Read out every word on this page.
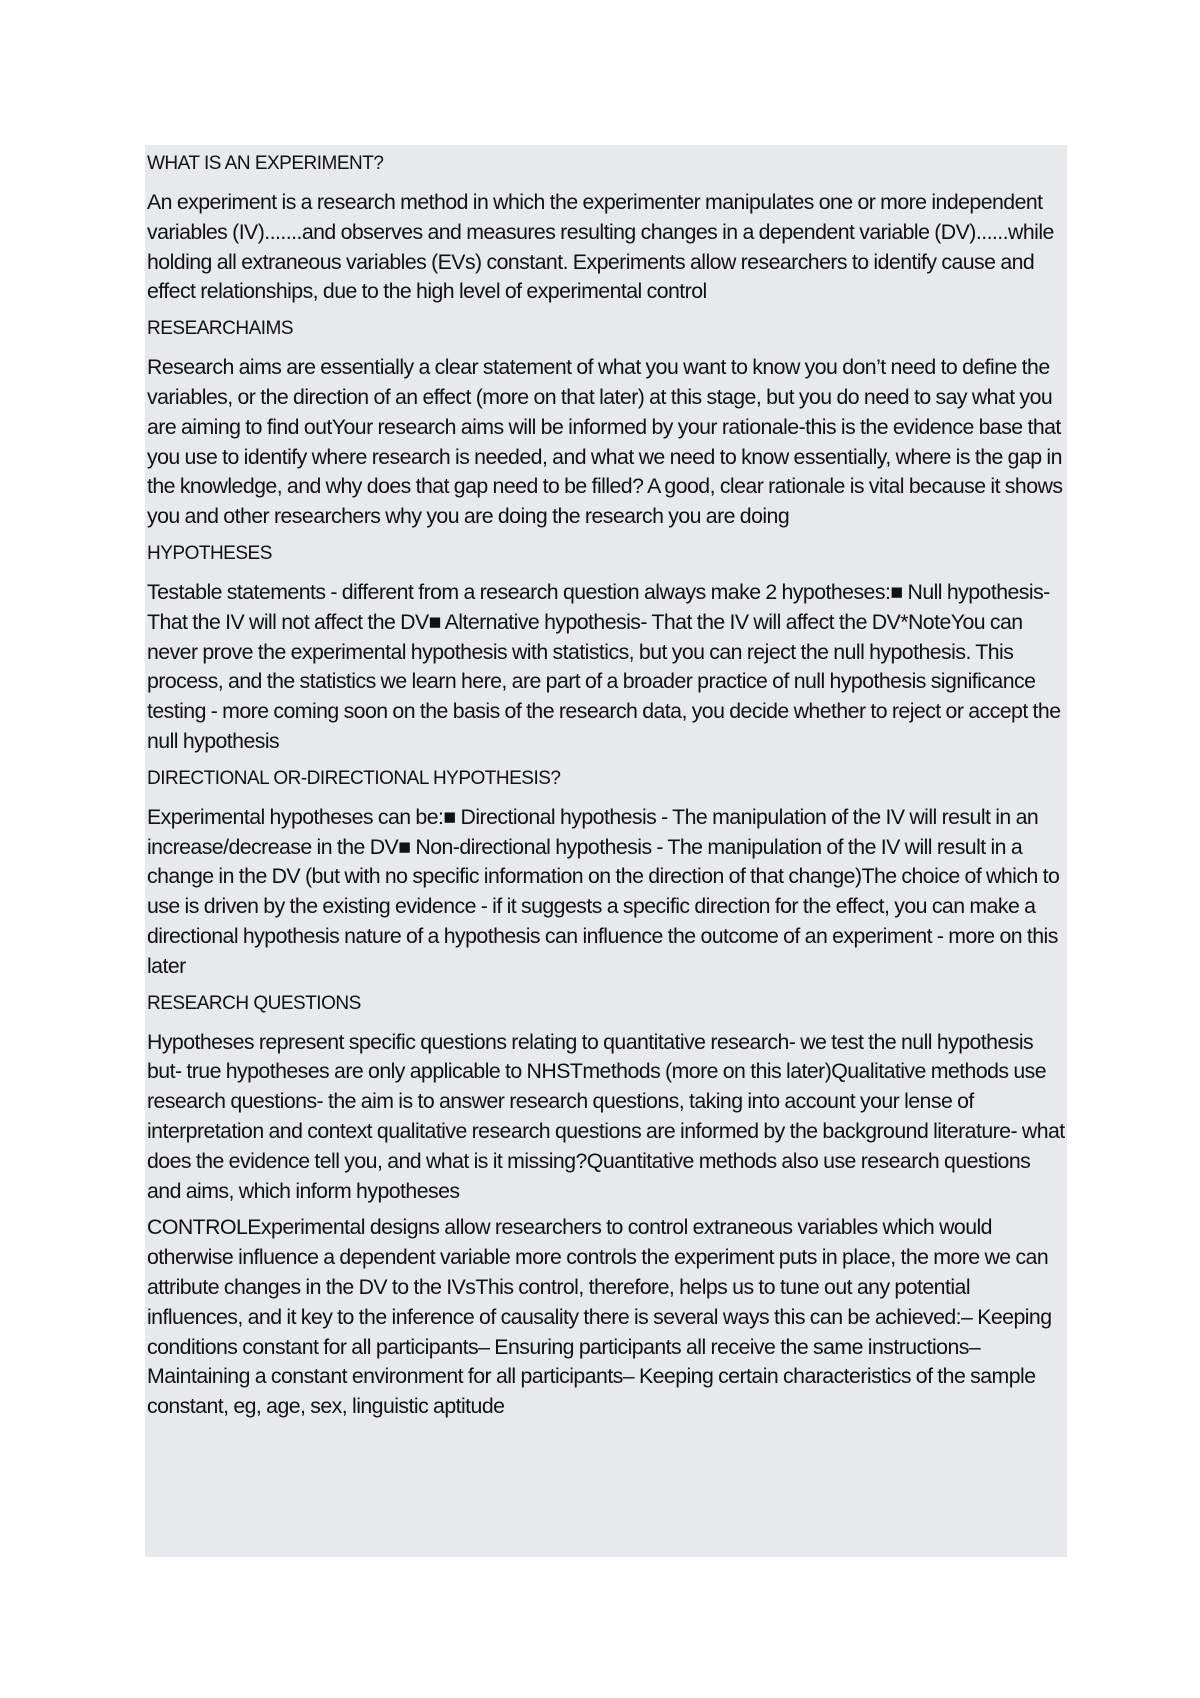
WHAT IS AN EXPERIMENT?
An experiment is a research method in which the experimenter manipulates one or more independent variables (IV).......and observes and measures resulting changes in a dependent variable (DV)......while holding all extraneous variables (EVs) constant. Experiments allow researchers to identify cause and effect relationships, due to the high level of experimental control
RESEARCHAIMS
Research aims are essentially a clear statement of what you want to know you don’t need to define the variables, or the direction of an effect (more on that later) at this stage, but you do need to say what you are aiming to find outYour research aims will be informed by your rationale-this is the evidence base that you use to identify where research is needed, and what we need to know essentially, where is the gap in the knowledge, and why does that gap need to be filled? A good, clear rationale is vital because it shows you and other researchers why you are doing the research you are doing
HYPOTHESES
Testable statements - different from a research question always make 2 hypotheses:■ Null hypothesis- That the IV will not affect the DV■ Alternative hypothesis- That the IV will affect the DV*NoteYou can never prove the experimental hypothesis with statistics, but you can reject the null hypothesis. This process, and the statistics we learn here, are part of a broader practice of null hypothesis significance testing - more coming soon on the basis of the research data, you decide whether to reject or accept the null hypothesis
DIRECTIONAL OR-DIRECTIONAL HYPOTHESIS?
Experimental hypotheses can be:■ Directional hypothesis - The manipulation of the IV will result in an increase/decrease in the DV■ Non-directional hypothesis - The manipulation of the IV will result in a change in the DV (but with no specific information on the direction of that change)The choice of which to use is driven by the existing evidence - if it suggests a specific direction for the effect, you can make a directional hypothesis nature of a hypothesis can influence the outcome of an experiment - more on this later
RESEARCH QUESTIONS
Hypotheses represent specific questions relating to quantitative research- we test the null hypothesis but- true hypotheses are only applicable to NHSTmethods (more on this later)Qualitative methods use research questions- the aim is to answer research questions, taking into account your lense of interpretation and context qualitative research questions are informed by the background literature- what does the evidence tell you, and what is it missing?Quantitative methods also use research questions and aims, which inform hypotheses
CONTROLExperimental designs allow researchers to control extraneous variables which would otherwise influence a dependent variable more controls the experiment puts in place, the more we can attribute changes in the DV to the IVsThis control, therefore, helps us to tune out any potential influences, and it key to the inference of causality there is several ways this can be achieved:– Keeping conditions constant for all participants– Ensuring participants all receive the same instructions– Maintaining a constant environment for all participants– Keeping certain characteristics of the sample constant, eg, age, sex, linguistic aptitude
